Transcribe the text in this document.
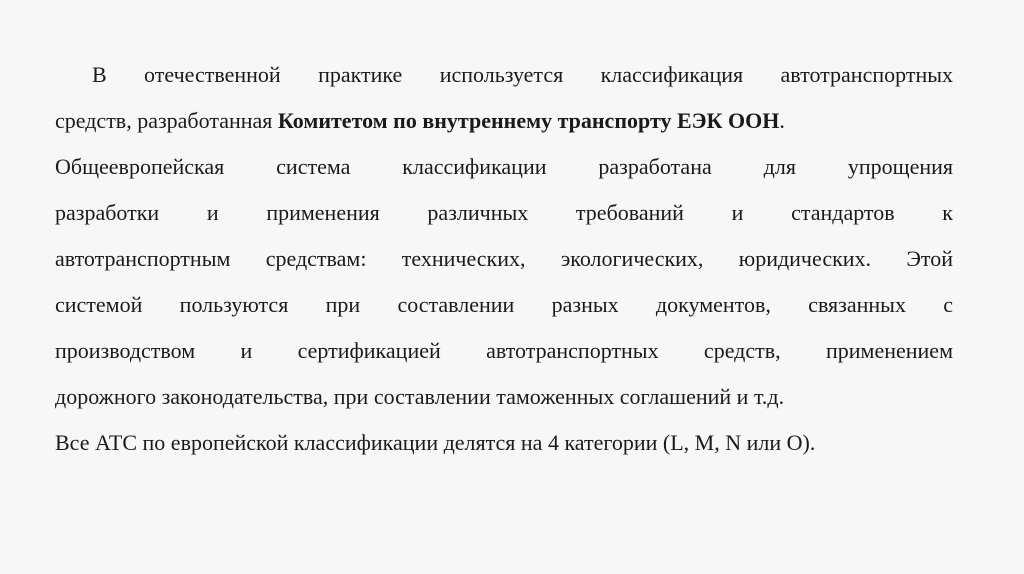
В отечественной практике используется классификация автотранспортных
средств, разработанная Комитетом по внутреннему транспорту ЕЭК ООН.
Общеевропейская система классификации разработана для упрощения
разработки и применения различных требований и стандартов к
автотранспортным средствам: технических, экологических, юридических. Этой
системой пользуются при составлении разных документов, связанных с
производством и сертификацией автотранспортных средств, применением
дорожного законодательства, при составлении таможенных соглашений и т.д.
Все АТС по европейской классификации делятся на 4 категории (L, M, N или O).
